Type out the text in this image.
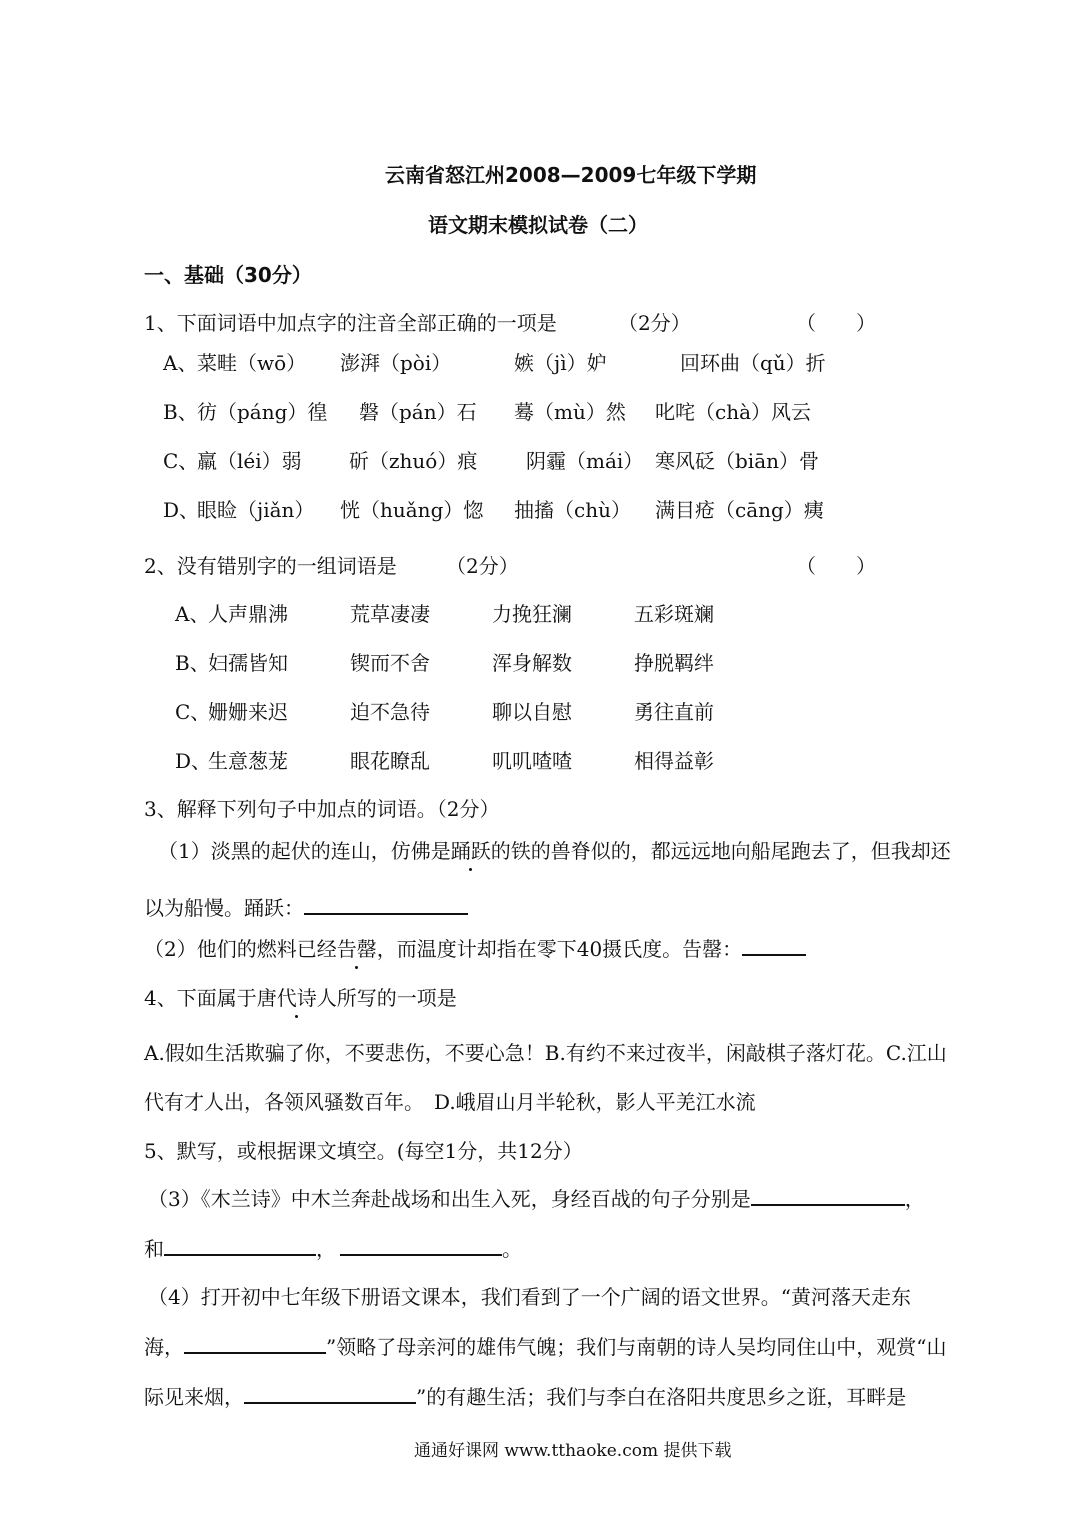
云南省怒江州2008—2009七年级下学期
语文期末模拟试卷（二）
一、基础（30分）
1、下面词语中加点字的注音全部正确的一项是	（2分）	（　　）
A、 菜畦（wō） 澎湃（pòi）	嫉（jì）妒	回环曲（qǔ）折
B、 彷（páng）徨 磐（pán）石 蓦（mù）然 叱咤（chà）风云
C、
羸（léi）弱 斫（zhuó）痕 阴霾（mái） 寒风砭（biān）骨
D、
眼睑（jiǎn） 恍（huǎng）惚 抽搐（chù） 满目疮（cāng）痍
2、没有错别字的一组词语是 （2分）	（　　）
A、
人声鼎沸	荒草凄凄	力挽狂澜	五彩斑斓
B、
妇孺皆知	锲而不舍	浑身解数	挣脱羁绊
C、
姗姗来迟	迫不急待	聊以自慰	勇往直前
D、
生意葱茏	眼花瞭乱	叽叽喳喳	相得益彰
3、解释下列句子中加点的词语。（2分）
（1）淡黑的起伏的连山，仿佛是踊跃的铁的兽脊似的，都远远地向船尾跑去了，但我却还
以为船慢。踊跃：
（2）他们的燃料已经告罄，而温度计却指在零下40摄氏度。告罄：
4、下面属于唐代诗人所写的一项是
A.假如生活欺骗了你，不要悲伤，不要心急！B.有约不来过夜半，闲敲棋子落灯花。C.江山
代有才人出，各领风骚数百年。　D.峨眉山月半轮秋，影人平羌江水流
5、默写，或根据课文填空。(每空1分，共12分）
（3）《木兰诗》中木兰奔赴战场和出生入死，身经百战的句子分别是	，
和	，	。
（4）打开初中七年级下册语文课本，我们看到了一个广阔的语文世界。“黄河落天走东
海，	”领略了母亲河的雄伟气魄；我们与南朝的诗人吴均同住山中，观赏“山
际见来烟，	”的有趣生活；我们与李白在洛阳共度思乡之诳，耳畔是
通通好课网 www.tthaoke.com 提供下载
